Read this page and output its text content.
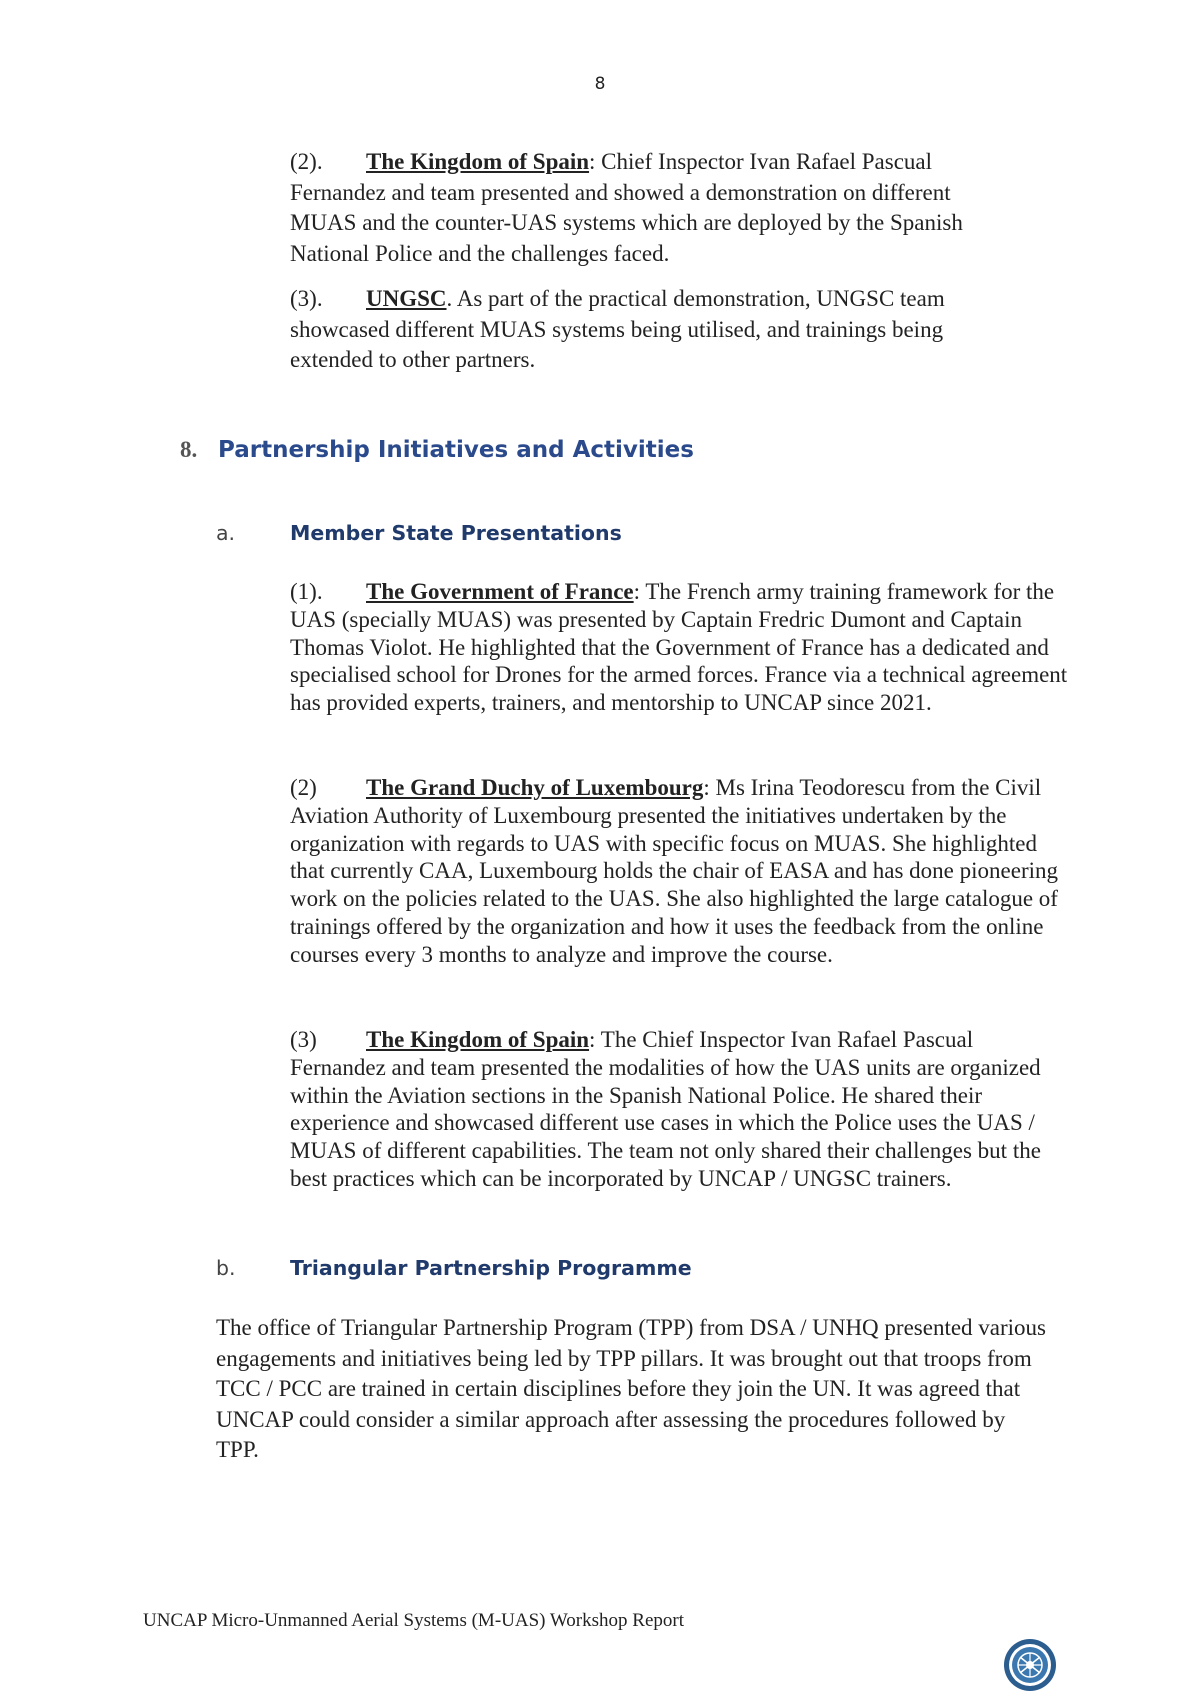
8

(2). The Kingdom of Spain: Chief Inspector Ivan Rafael Pascual Fernandez and team presented and showed a demonstration on different MUAS and the counter-UAS systems which are deployed by the Spanish National Police and the challenges faced.

(3). UNGSC. As part of the practical demonstration, UNGSC team showcased different MUAS systems being utilised, and trainings being extended to other partners.

8. Partnership Initiatives and Activities
a.	Member State Presentations

(1). The Government of France: The French army training framework for the UAS (specially MUAS) was presented by Captain Fredric Dumont and Captain Thomas Violot. He highlighted that the Government of France has a dedicated and specialised school for Drones for the armed forces. France via a technical agreement has provided experts, trainers, and mentorship to UNCAP since 2021.

(2) The Grand Duchy of Luxembourg: Ms Irina Teodorescu from the Civil Aviation Authority of Luxembourg presented the initiatives undertaken by the organization with regards to UAS with specific focus on MUAS. She highlighted that currently CAA, Luxembourg holds the chair of EASA and has done pioneering work on the policies related to the UAS. She also highlighted the large catalogue of trainings offered by the organization and how it uses the feedback from the online courses every 3 months to analyze and improve the course.

(3) The Kingdom of Spain: The Chief Inspector Ivan Rafael Pascual Fernandez and team presented the modalities of how the UAS units are organized within the Aviation sections in the Spanish National Police. He shared their experience and showcased different use cases in which the Police uses the UAS / MUAS of different capabilities. The team not only shared their challenges but the best practices which can be incorporated by UNCAP / UNGSC trainers.

b.	Triangular Partnership Programme

The office of Triangular Partnership Program (TPP) from DSA / UNHQ presented various engagements and initiatives being led by TPP pillars. It was brought out that troops from TCC / PCC are trained in certain disciplines before they join the UN. It was agreed that UNCAP could consider a similar approach after assessing the procedures followed by TPP.

UNCAP Micro-Unmanned Aerial Systems (M-UAS) Workshop Report
